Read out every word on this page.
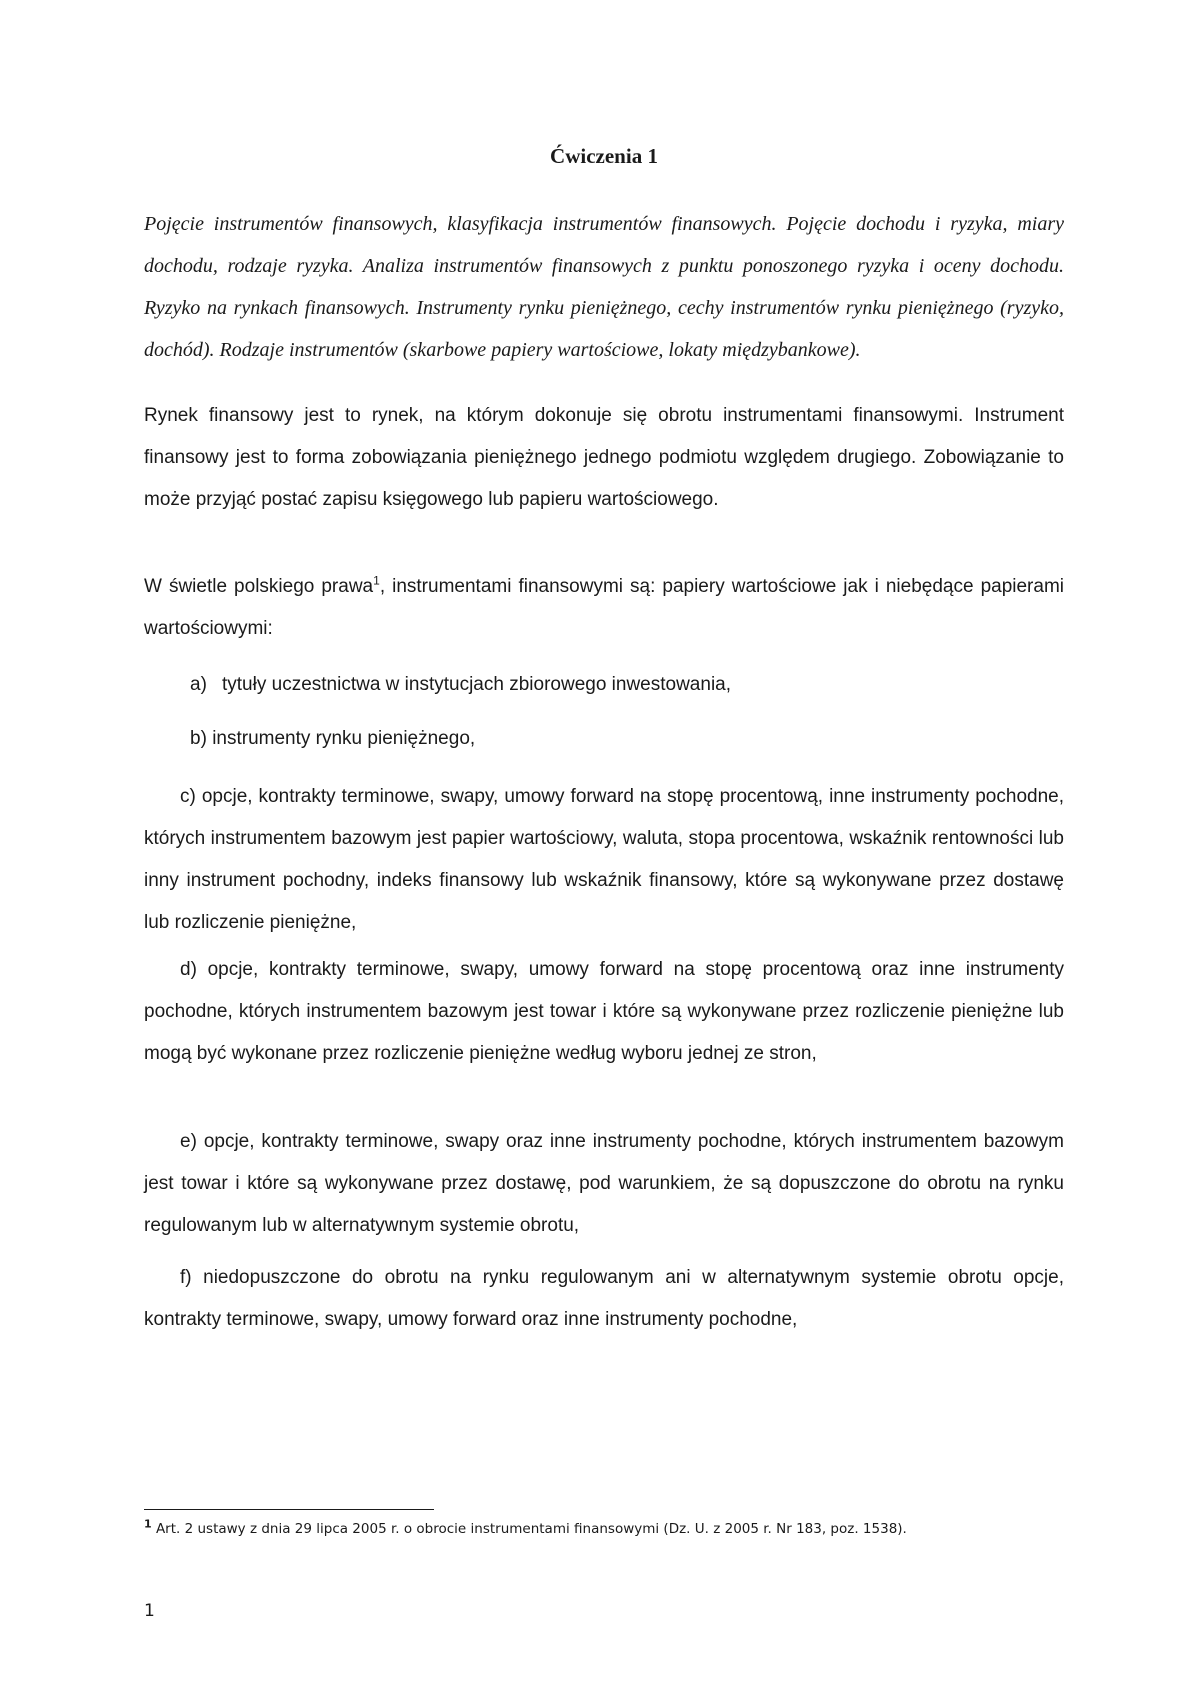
Ćwiczenia 1
Pojęcie instrumentów finansowych, klasyfikacja instrumentów finansowych. Pojęcie dochodu i ryzyka, miary dochodu, rodzaje ryzyka. Analiza instrumentów finansowych z punktu ponoszonego ryzyka i oceny dochodu. Ryzyko na rynkach finansowych. Instrumenty rynku pieniężnego, cechy instrumentów rynku pieniężnego (ryzyko, dochód). Rodzaje instrumentów (skarbowe papiery wartościowe, lokaty międzybankowe).
Rynek finansowy jest to rynek, na którym dokonuje się obrotu instrumentami finansowymi. Instrument finansowy jest to forma zobowiązania pieniężnego jednego podmiotu względem drugiego. Zobowiązanie to może przyjąć postać zapisu księgowego lub papieru wartościowego.
W świetle polskiego prawa$^1$, instrumentami finansowymi są: papiery wartościowe jak i niebędące papierami wartościowymi:
a) tytuły uczestnictwa w instytucjach zbiorowego inwestowania,
b) instrumenty rynku pieniężnego,
c) opcje, kontrakty terminowe, swapy, umowy forward na stopę procentową, inne instrumenty pochodne, których instrumentem bazowym jest papier wartościowy, waluta, stopa procentowa, wskaźnik rentowności lub inny instrument pochodny, indeks finansowy lub wskaźnik finansowy, które są wykonywane przez dostawę lub rozliczenie pieniężne,
d) opcje, kontrakty terminowe, swapy, umowy forward na stopę procentową oraz inne instrumenty pochodne, których instrumentem bazowym jest towar i które są wykonywane przez rozliczenie pieniężne lub mogą być wykonane przez rozliczenie pieniężne według wyboru jednej ze stron,
e) opcje, kontrakty terminowe, swapy oraz inne instrumenty pochodne, których instrumentem bazowym jest towar i które są wykonywane przez dostawę, pod warunkiem, że są dopuszczone do obrotu na rynku regulowanym lub w alternatywnym systemie obrotu,
f) niedopuszczone do obrotu na rynku regulowanym ani w alternatywnym systemie obrotu opcje, kontrakty terminowe, swapy, umowy forward oraz inne instrumenty pochodne,
$^1$ Art. 2 ustawy z dnia 29 lipca 2005 r. o obrocie instrumentami finansowymi (Dz. U. z 2005 r. Nr 183, poz. 1538).
1
